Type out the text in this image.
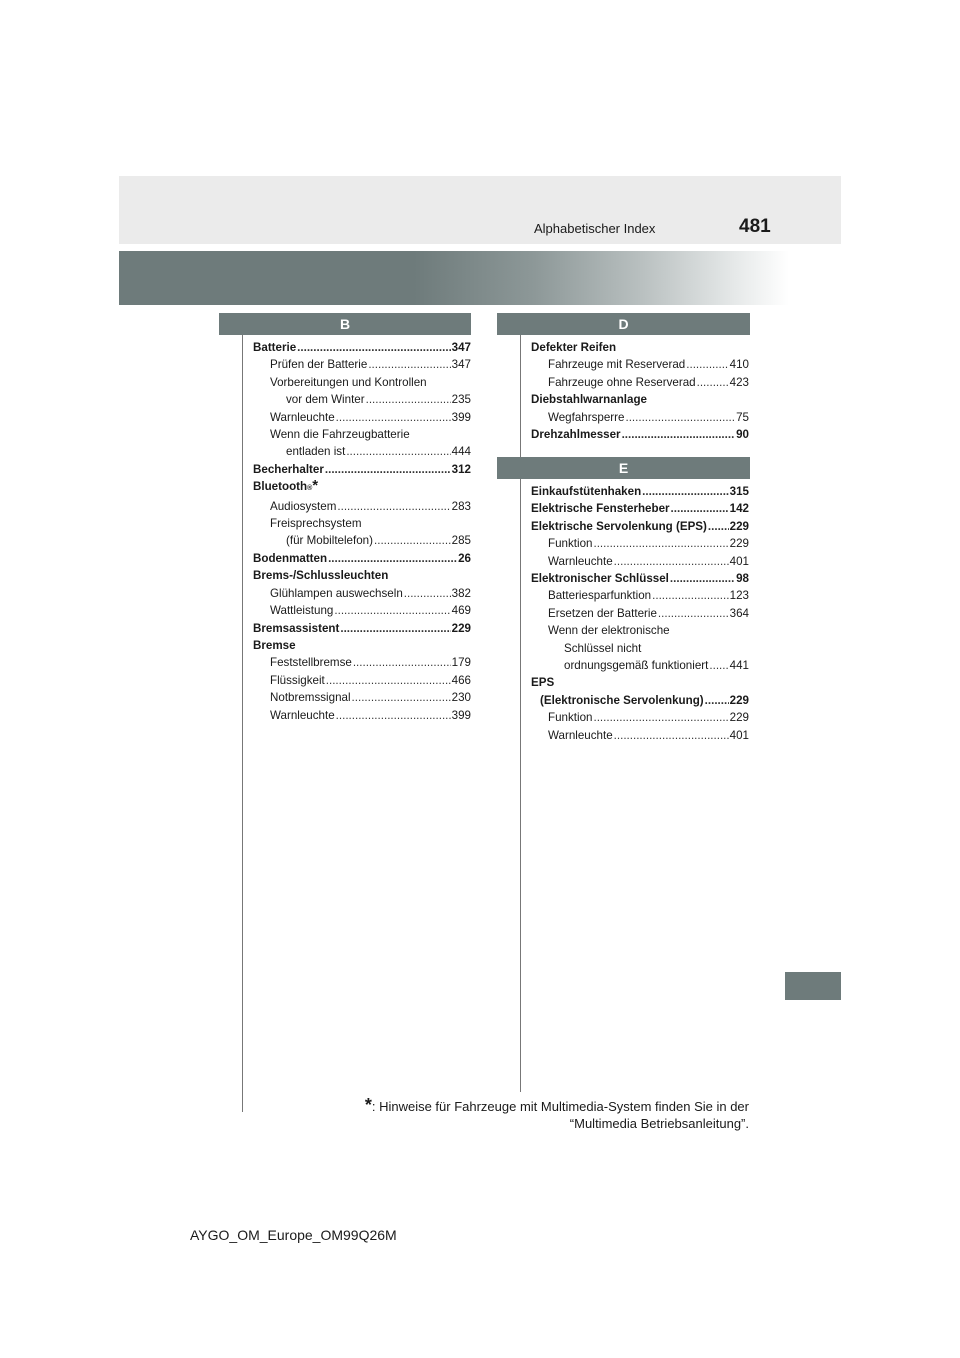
Alphabetischer Index	481
B	D
E
Batterie .....	347
Prüfen der Batterie .....	347
Vorbereitungen und Kontrollen
vor dem Winter .....	235
Warnleuchte .....	399
Wenn die Fahrzeugbatterie
entladen ist .....	444
Becherhalter .....	312
Bluetooth ® *
Audiosystem .....	283
Freisprechsystem
(für Mobiltelefon) .....	285
Bodenmatten .....	26
Brems-/Schlussleuchten
Glühlampen auswechseln .....	382
Wattleistung .....	469
Bremsassistent .....	229
Bremse
Feststellbremse .....	179
Flüssigkeit .....	466
Notbremssignal .....	230
Warnleuchte .....	399
Defekter Reifen
Fahrzeuge mit Reserverad .....	410
Fahrzeuge ohne Reserverad .....	423
Diebstahlwarnanlage
Wegfahrsperre .....	75
Drehzahlmesser .....	90
Einkaufstütenhaken .....	315
Elektrische Fensterheber .....	142
Elektrische Servolenkung (EPS) ..... 229
Funktion .....	229
Warnleuchte .....	401
Elektronischer Schlüssel .....	98
Batteriesparfunktion .....	123
Ersetzen der Batterie .....	364
Wenn der elektronische
Schlüssel nicht
ordnungsgemäß funktioniert ..... 441
EPS
(Elektronische Servolenkung) ..... 229
Funktion .....	229
Warnleuchte .....	401
*: Hinweise für Fahrzeuge mit Multimedia-System finden Sie in der
“Multimedia Betriebsanleitung”.
AYGO_OM_Europe_OM99Q26M
